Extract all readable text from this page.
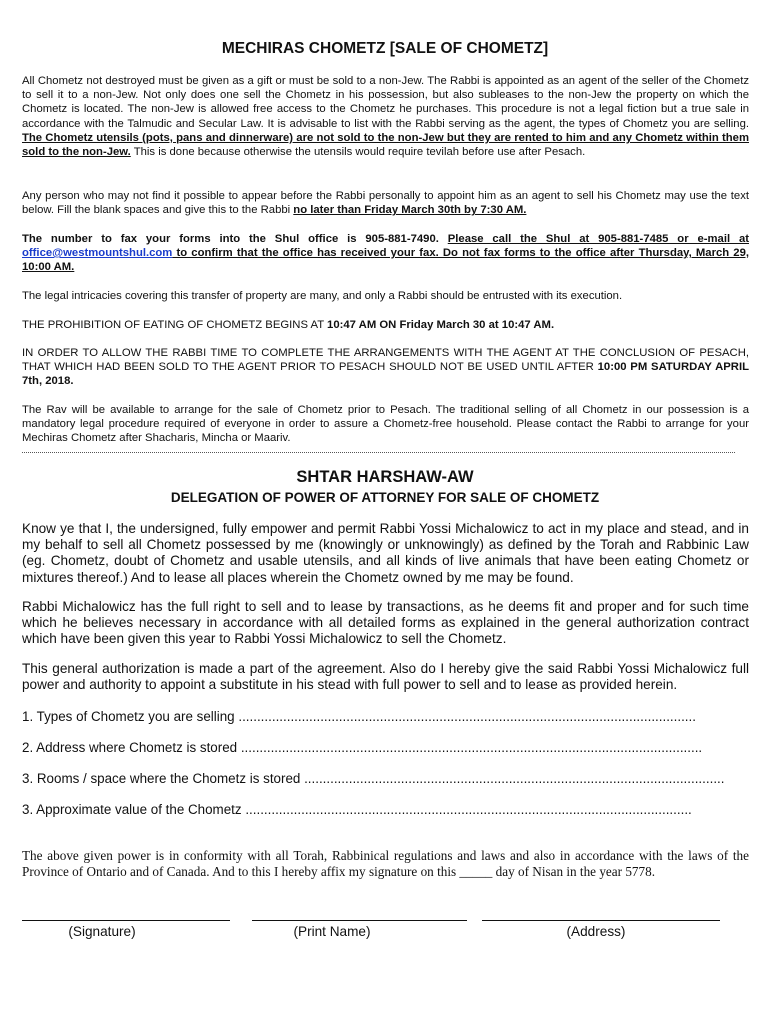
MECHIRAS CHOMETZ [SALE OF CHOMETZ]
All Chometz not destroyed must be given as a gift or must be sold to a non-Jew. The Rabbi is appointed as an agent of the seller of the Chometz to sell it to a non-Jew. Not only does one sell the Chometz in his possession, but also subleases to the non-Jew the property on which the Chometz is located. The non-Jew is allowed free access to the Chometz he purchases. This procedure is not a legal fiction but a true sale in accordance with the Talmudic and Secular Law. It is advisable to list with the Rabbi serving as the agent, the types of Chometz you are selling. The Chometz utensils (pots, pans and dinnerware) are not sold to the non-Jew but they are rented to him and any Chometz within them sold to the non-Jew. This is done because otherwise the utensils would require tevilah before use after Pesach.
Any person who may not find it possible to appear before the Rabbi personally to appoint him as an agent to sell his Chometz may use the text below. Fill the blank spaces and give this to the Rabbi no later than Friday March 30th by 7:30 AM.
The number to fax your forms into the Shul office is 905-881-7490. Please call the Shul at 905-881-7485 or e-mail at office@westmountshul.com to confirm that the office has received your fax. Do not fax forms to the office after Thursday, March 29, 10:00 AM.
The legal intricacies covering this transfer of property are many, and only a Rabbi should be entrusted with its execution.
THE PROHIBITION OF EATING OF CHOMETZ BEGINS AT 10:47 AM ON Friday March 30 at 10:47 AM.
IN ORDER TO ALLOW THE RABBI TIME TO COMPLETE THE ARRANGEMENTS WITH THE AGENT AT THE CONCLUSION OF PESACH, THAT WHICH HAD BEEN SOLD TO THE AGENT PRIOR TO PESACH SHOULD NOT BE USED UNTIL AFTER 10:00 PM SATURDAY APRIL 7th, 2018.
The Rav will be available to arrange for the sale of Chometz prior to Pesach. The traditional selling of all Chometz in our possession is a mandatory legal procedure required of everyone in order to assure a Chometz-free household. Please contact the Rabbi to arrange for your Mechiras Chometz after Shacharis, Mincha or Maariv.
SHTAR HARSHAW-AW
DELEGATION OF POWER OF ATTORNEY FOR SALE OF CHOMETZ
Know ye that I, the undersigned, fully empower and permit Rabbi Yossi Michalowicz to act in my place and stead, and in my behalf to sell all Chometz possessed by me (knowingly or unknowingly) as defined by the Torah and Rabbinic Law (eg. Chometz, doubt of Chometz and usable utensils, and all kinds of live animals that have been eating Chometz or mixtures thereof.) And to lease all places wherein the Chometz owned by me may be found.
Rabbi Michalowicz has the full right to sell and to lease by transactions, as he deems fit and proper and for such time which he believes necessary in accordance with all detailed forms as explained in the general authorization contract which have been given this year to Rabbi Yossi Michalowicz to sell the Chometz.
This general authorization is made a part of the agreement. Also do I hereby give the said Rabbi Yossi Michalowicz full power and authority to appoint a substitute in his stead with full power to sell and to lease as provided herein.
1. Types of Chometz you are selling ...........................................................................................................................
2. Address where Chometz is stored ............................................................................................................................
3. Rooms / space where the Chometz is stored .................................................................................................................
3. Approximate value of the Chometz ........................................................................................................................
The above given power is in conformity with all Torah, Rabbinical regulations and laws and also in accordance with the laws of the Province of Ontario and of Canada. And to this I hereby affix my signature on this _____ day of Nisan in the year 5778.
(Signature)	(Print Name)	(Address)
